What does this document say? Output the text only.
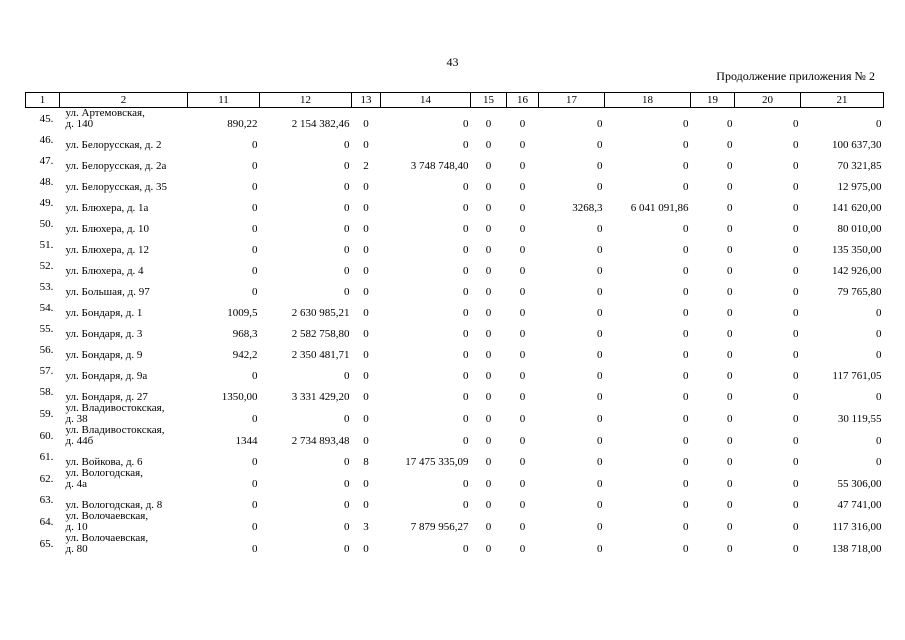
43
Продолжение приложения № 2
1	2	11	12	13	14	15	16	17	18	19	20	21
45.	ул. Артемовская,
д. 140	890,22	2 154 382,46	0	0	0	0	0	0	0	0	0
46.	ул. Белорусская, д. 2	0	0	0	0	0	0	0	0	0	0	100 637,30
47.	ул. Белорусская, д. 2а	0	0	2	3 748 748,40	0	0	0	0	0	0	70 321,85
48.	ул. Белорусская, д. 35	0	0	0	0	0	0	0	0	0	0	12 975,00
49.	ул. Блюхера, д. 1а	0	0	0	0	0	0	3268,3	6 041 091,86	0	0	141 620,00
50.	ул. Блюхера, д. 10	0	0	0	0	0	0	0	0	0	0	80 010,00
51.	ул. Блюхера, д. 12	0	0	0	0	0	0	0	0	0	0	135 350,00
52.	ул. Блюхера, д. 4	0	0	0	0	0	0	0	0	0	0	142 926,00
53.	ул. Большая, д. 97	0	0	0	0	0	0	0	0	0	0	79 765,80
54.	ул. Бондаря, д. 1	1009,5	2 630 985,21	0	0	0	0	0	0	0	0	0
55.	ул. Бондаря, д. 3	968,3	2 582 758,80	0	0	0	0	0	0	0	0	0
56.	ул. Бондаря, д. 9	942,2	2 350 481,71	0	0	0	0	0	0	0	0	0
57.	ул. Бондаря, д. 9а	0	0	0	0	0	0	0	0	0	0	117 761,05
58.	ул. Бондаря, д. 27	1350,00	3 331 429,20	0	0	0	0	0	0	0	0	0
59.	ул. Владивостокская,
д. 38	0	0	0	0	0	0	0	0	0	0	30 119,55
60.	ул. Владивостокская,
д. 44б	1344	2 734 893,48	0	0	0	0	0	0	0	0	0
61.	ул. Войкова, д. 6	0	0	8	17 475 335,09	0	0	0	0	0	0	0
62.	ул. Вологодская,
д. 4а	0	0	0	0	0	0	0	0	0	0	55 306,00
63.	ул. Вологодская, д. 8	0	0	0	0	0	0	0	0	0	0	47 741,00
64.	ул. Волочаевская,
д. 10	0	0	3	7 879 956,27	0	0	0	0	0	0	117 316,00
65.	ул. Волочаевская,
д. 80	0	0	0	0	0	0	0	0	0	0	138 718,00
